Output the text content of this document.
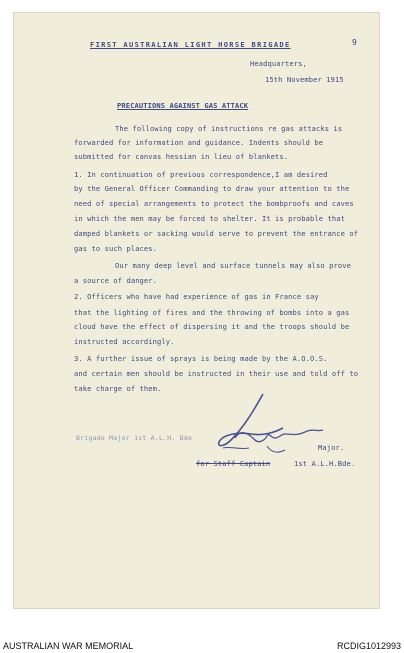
9
FIRST AUSTRALIAN LIGHT HORSE BRIGADE
Headquarters,
15th November 1915
PRECAUTIONS AGAINST GAS ATTACK
The following copy of instructions re gas attacks is
forwarded for information and guidance. Indents should be
submitted for canvas hessian in lieu of blankets.
1. In continuation of previous correspondence,I am desired
by the General Officer Commanding to draw your attention to the
need of special arrangements to protect the bombproofs and caves
in which the men may be forced to shelter. It is probable that
damped blankets or sacking would serve to prevent the entrance of
gas to such places.
Our many deep level and surface tunnels may also prove
a source of danger.
2. Officers who have had experience of gas in France say
that the lighting of fires and the throwing of bombs into a gas
cloud have the effect of dispersing it and the troops should be
instructed accordingly.
3. A further issue of sprays is being made by the A.O.O.S.
and certain men should be instructed in their use and told off to
take charge of them.
Brigade Major 1st A.L.H. Bde
Major.
for Staff Captain	1st A.L.H.Bde.
AUSTRALIAN WAR MEMORIAL	RCDIG1012993
